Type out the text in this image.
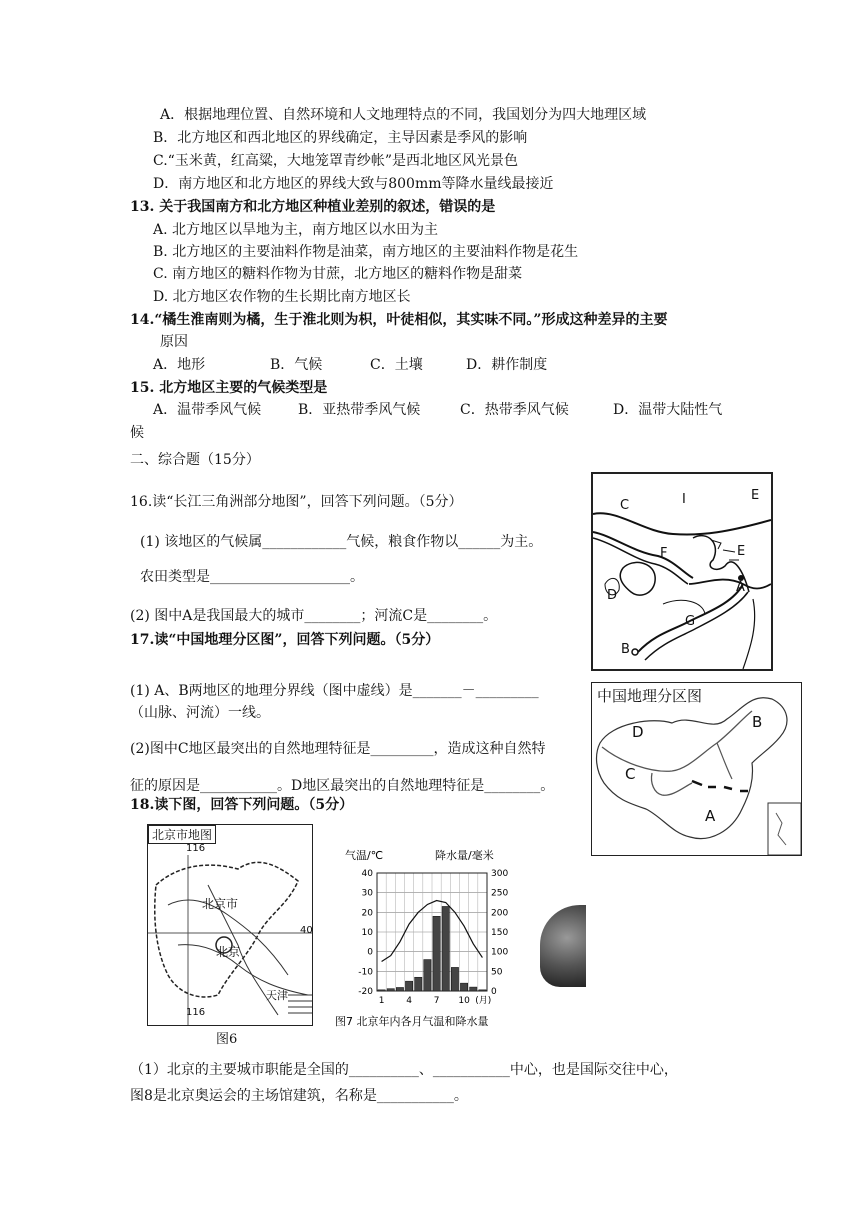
A．根据地理位置、自然环境和人文地理特点的不同，我国划分为四大地理区域
B．北方地区和西北地区的界线确定，主导因素是季风的影响
C.“玉米黄，红高粱，大地笼罩青纱帐”是西北地区风光景色
D．南方地区和北方地区的界线大致与800mm等降水量线最接近
13. 关于我国南方和北方地区种植业差别的叙述，错误的是
A. 北方地区以旱地为主，南方地区以水田为主
B. 北方地区的主要油料作物是油菜，南方地区的主要油料作物是花生
C. 南方地区的糖料作物为甘蔗，北方地区的糖料作物是甜菜
D. 北方地区农作物的生长期比南方地区长
14.“橘生淮南则为橘，生于淮北则为枳，叶徒相似，其实味不同。”形成这种差异的主要
原因
A．地形	B．气候	C．土壤	D．耕作制度
15. 北方地区主要的气候类型是
A．温带季风气候	B．亚热带季风气候	C．热带季风气候	D．温带大陆性气
候
二、综合题（15分）
16.读“长江三角洲部分地图”，回答下列问题。（5分）
(1) 该地区的气候属____________气候，粮食作物以______为主。
农田类型是____________________。
(2) 图中A是我国最大的城市________；河流C是________。
C	I	E
F	E
A
D
G
B
17.读“中国地理分区图”，回答下列问题。（5分）
(1) A、B两地区的地理分界线（图中虚线）是_______－_________
（山脉、河流）一线。
(2)图中C地区最突出的自然地理特征是_________，造成这种自然特
征的原因是___________。D地区最突出的自然地理特征是________。
中国地理分区图
D
B
C
A
18.读下图，回答下列问题。（5分）
北京市地图
116
北京市
北京
40
天津
116
图6
气温/℃	降水量/毫米
40
30
20
10
0
-10
-20
300
250
200
150
100
50
0
1 4 7 10 (月)
图7 北京年内各月气温和降水量
（1）北京的主要城市职能是全国的__________、___________中心，也是国际交往中心，
图8是北京奥运会的主场馆建筑，名称是___________。
